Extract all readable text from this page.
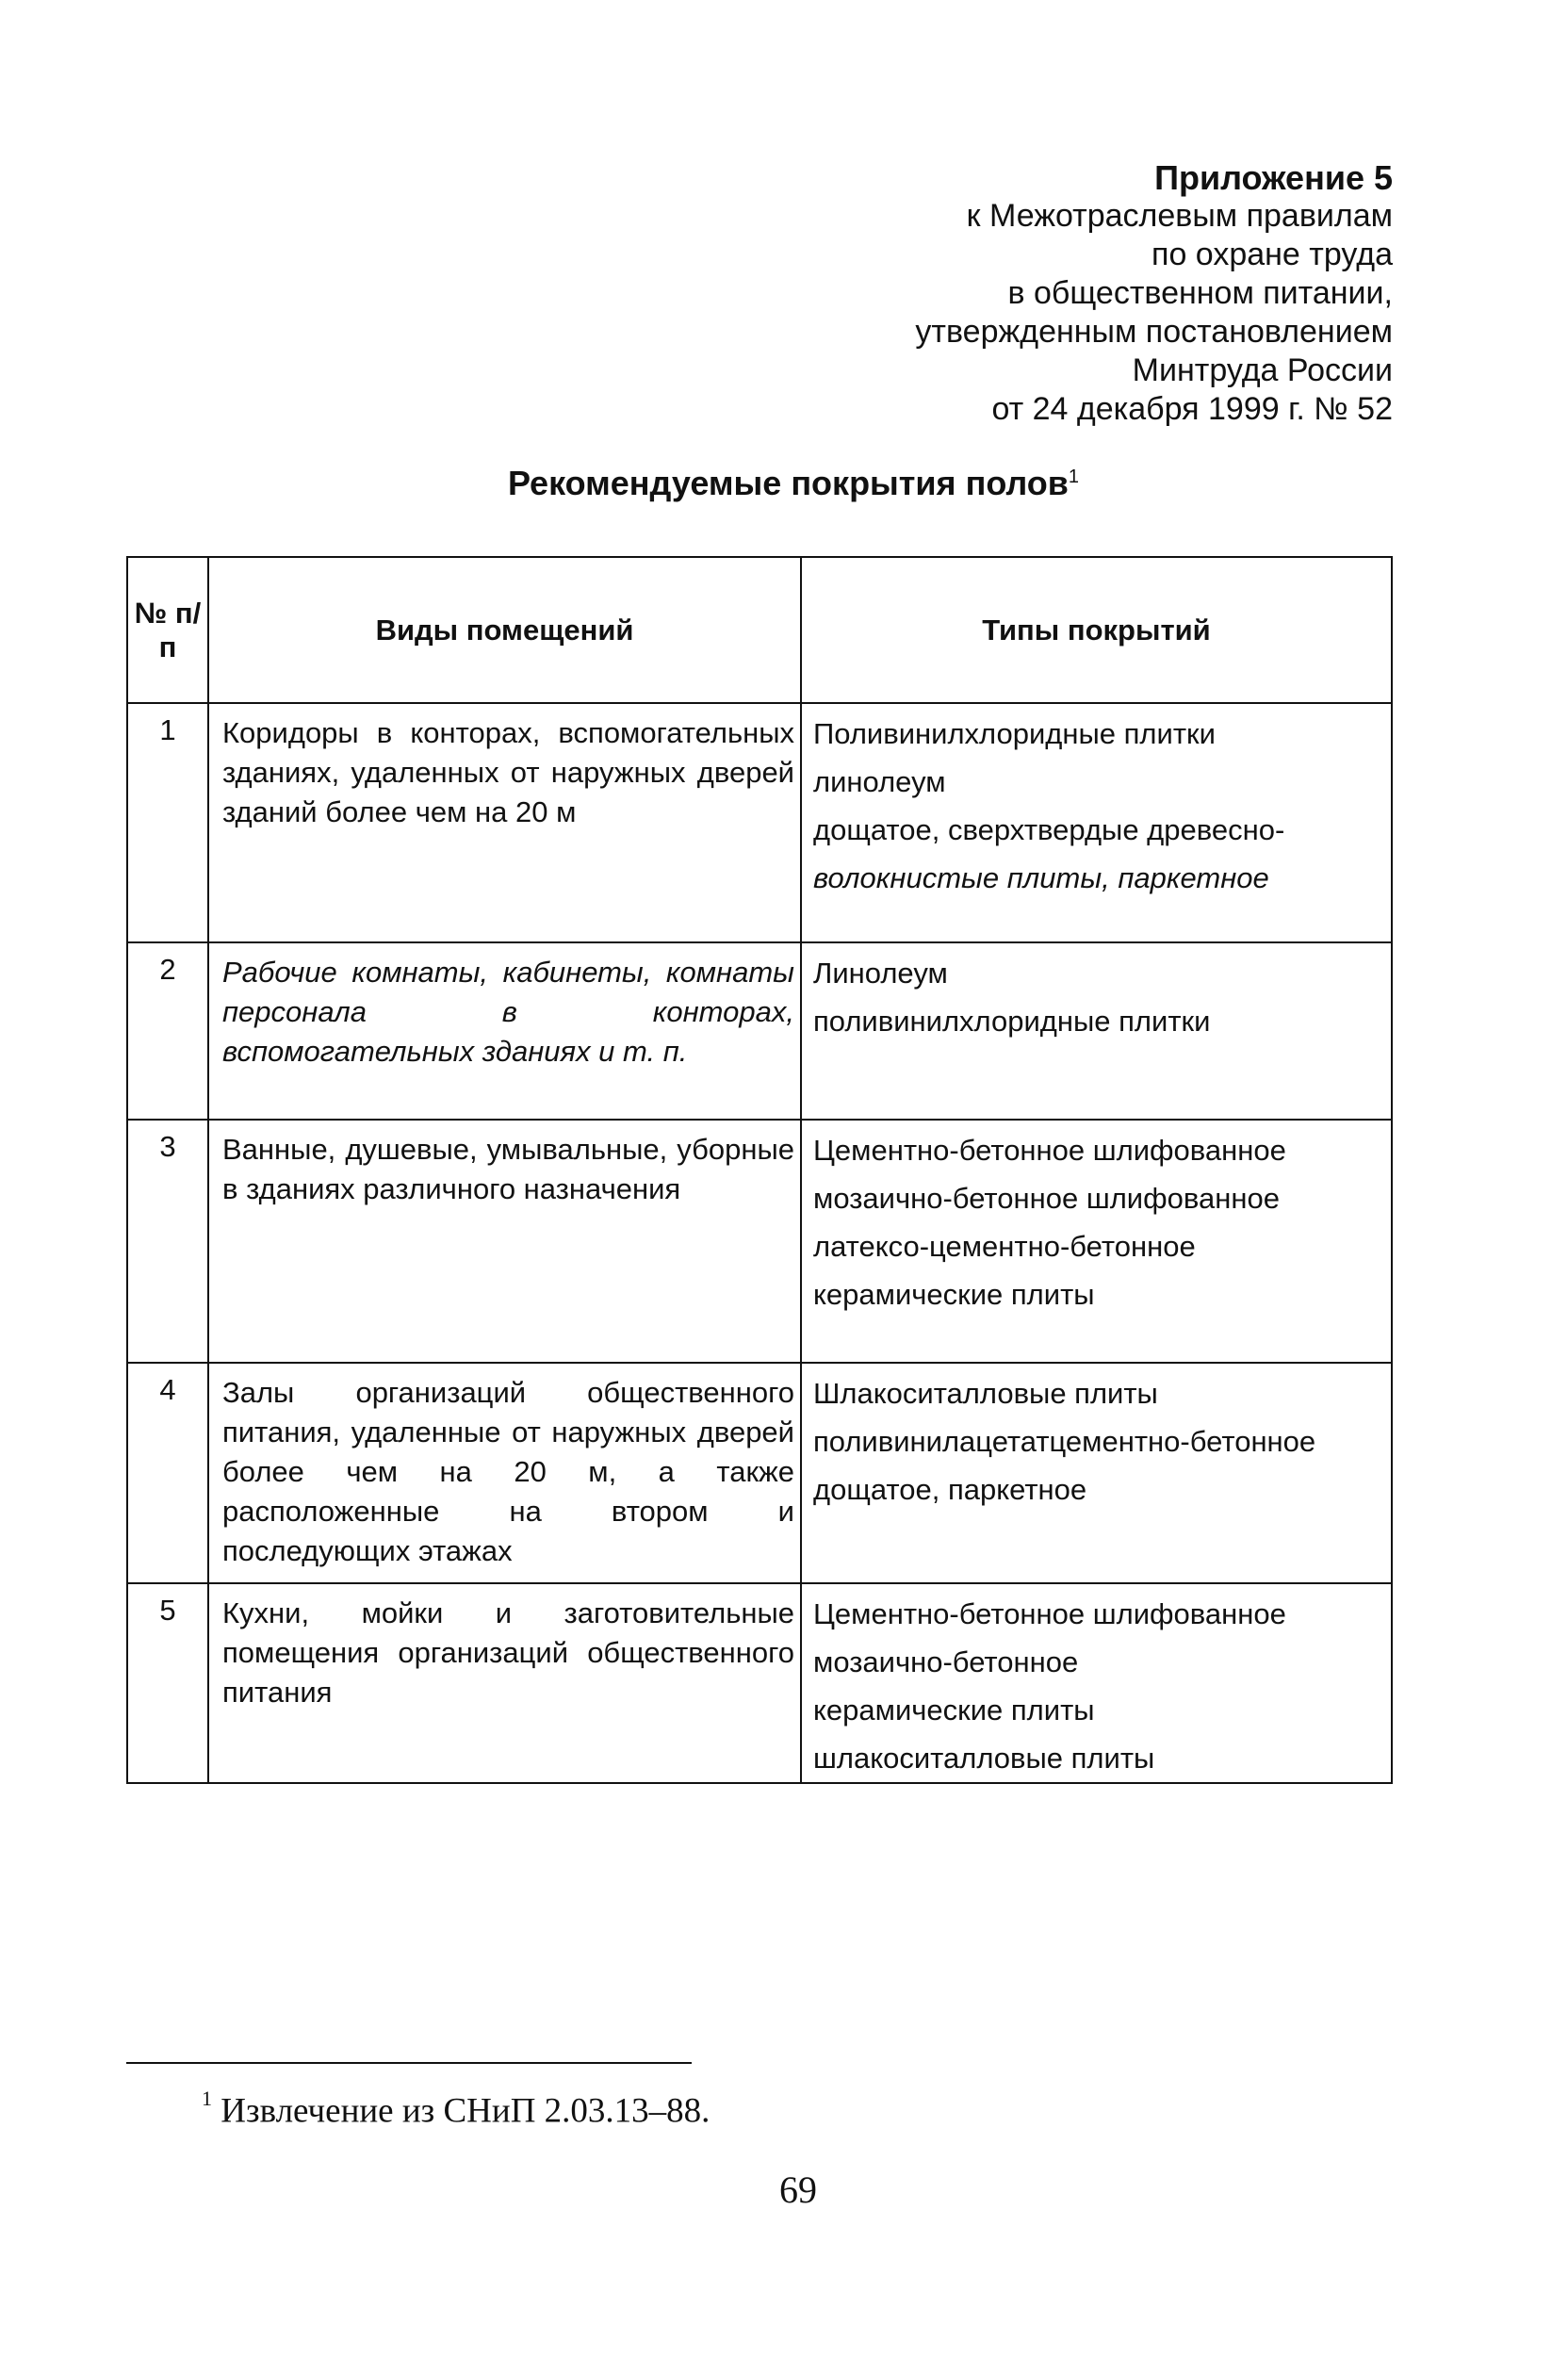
Приложение 5
к Межотраслевым правилам
по охране труда
в общественном питании,
утвержденным постановлением
Минтруда России
от 24 декабря 1999 г. № 52
Рекомендуемые покрытия полов$^1$
№ п/п	Виды помещений	Типы покрытий
1	Коридоры в конторах, вспомогательных зданиях, удаленных от наружных дверей зданий более чем на 20 м	Поливинилхлоридные плитки
линолеум
дощатое, сверхтвердые древесно-
волокнистые плиты, паркетное

2	Рабочие комнаты, кабинеты, комнаты персонала в конторах, вспомогательных зданиях и т. п.	Линолеум
поливинилхлоридные плитки

3	Ванные, душевые, умывальные, уборные в зданиях различного назначения	Цементно-бетонное шлифованное
мозаично-бетонное шлифованное
латексо-цементно-бетонное
керамические плиты

4	Залы организаций общественного питания, удаленные от наружных дверей более чем на 20 м, а также расположенные на втором и последующих этажах	Шлакоситалловые плиты
поливинилацетатцементно-бетонное
дощатое, паркетное

5	Кухни, мойки и заготовительные помещения организаций общественного питания	Цементно-бетонное шлифованное
мозаично-бетонное
керамические плиты
шлакоситалловые плиты
$^1$ Извлечение из СНиП 2.03.13–88.
69
